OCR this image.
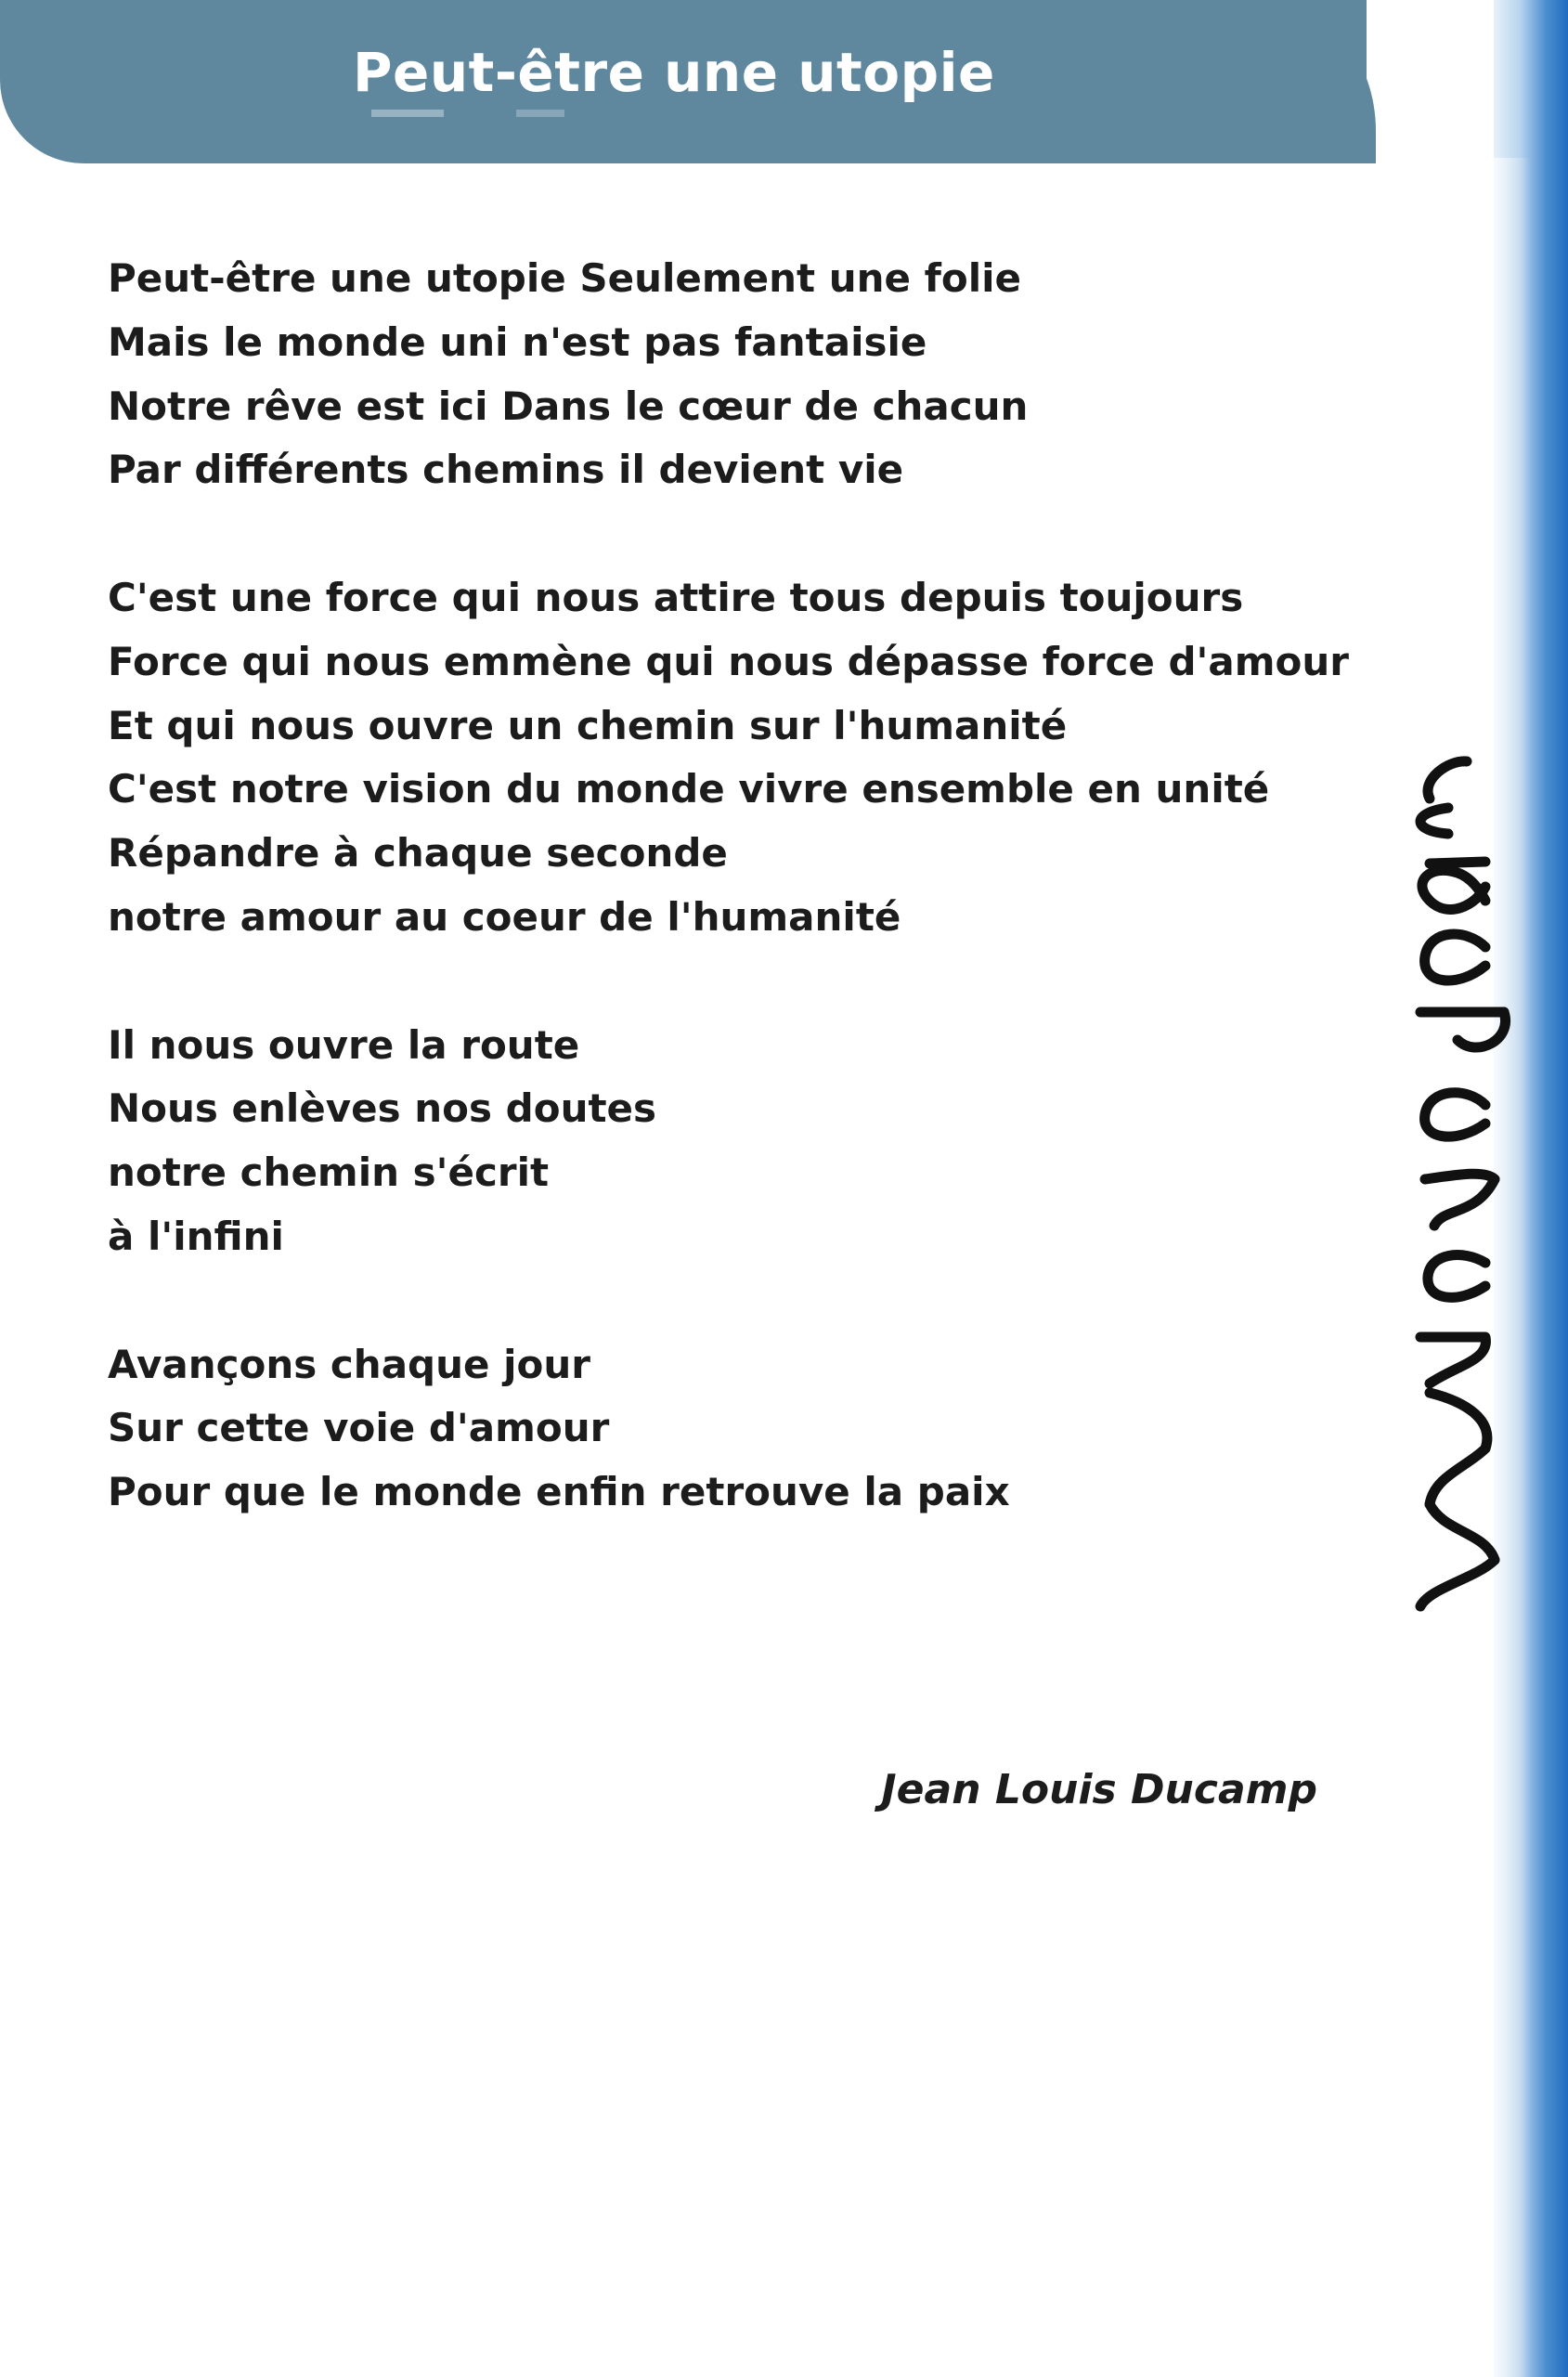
Peut-être une utopie
Peut-être une utopie Seulement une folie
Mais le monde uni n'est pas fantaisie
Notre rêve est ici Dans le cœur de chacun
Par différents chemins il devient vie
C'est une force qui nous attire tous depuis toujours
Force qui nous emmène qui nous dépasse force d'amour
Et qui nous ouvre un chemin sur l'humanité
C'est notre vision du monde vivre ensemble en unité
Répandre à chaque seconde
notre amour au coeur de l'humanité
Il nous ouvre la route
Nous enlèves nos doutes
notre chemin s'écrit
à l'infini
Avançons chaque jour
Sur cette voie d'amour
Pour que le monde enfin retrouve la paix
Jean Louis Ducamp
